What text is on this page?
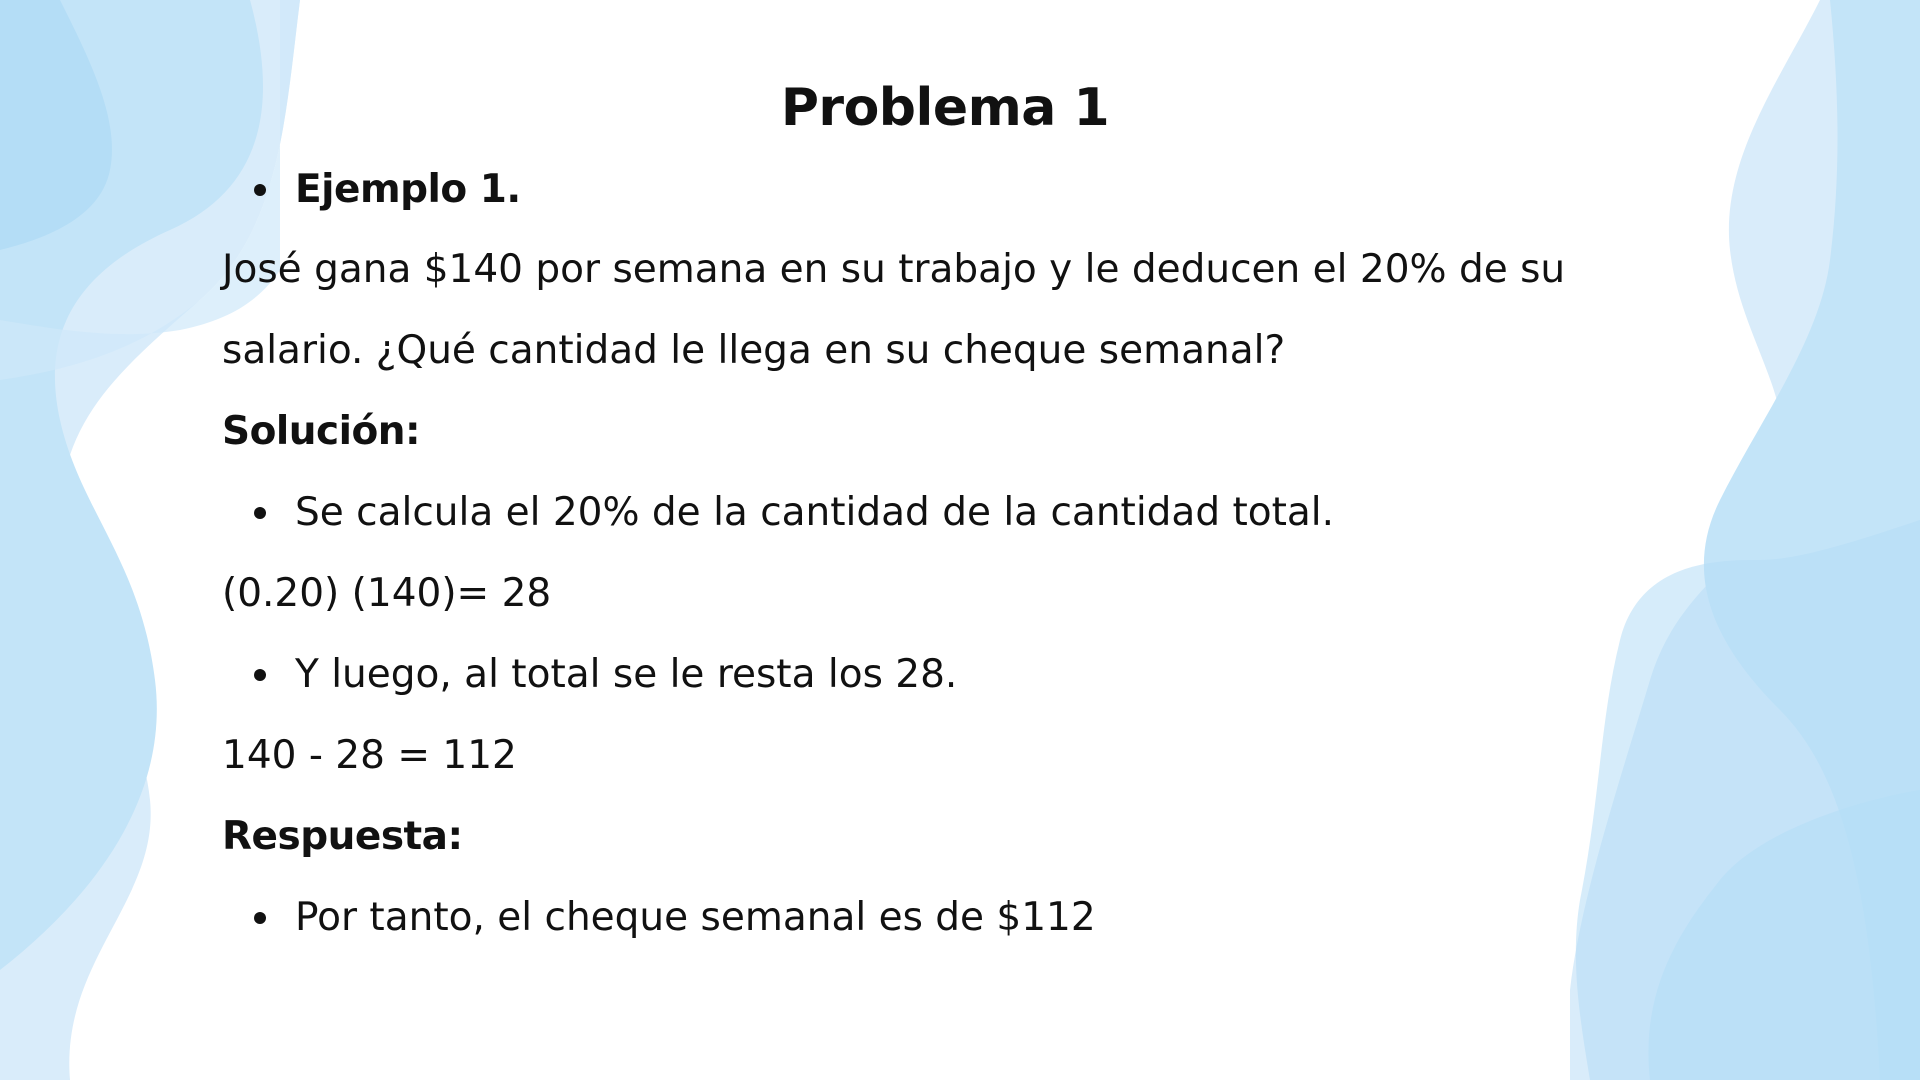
Problema 1
Ejemplo 1.

José gana $140 por semana en su trabajo y le deducen el 20% de su

salario. ¿Qué cantidad le llega en su cheque semanal?

Solución:

Se calcula el 20% de la cantidad de la cantidad total.

(0.20) (140)= 28

Y luego, al total se le resta los 28.

140 - 28 = 112

Respuesta:

Por tanto, el cheque semanal es de $112
